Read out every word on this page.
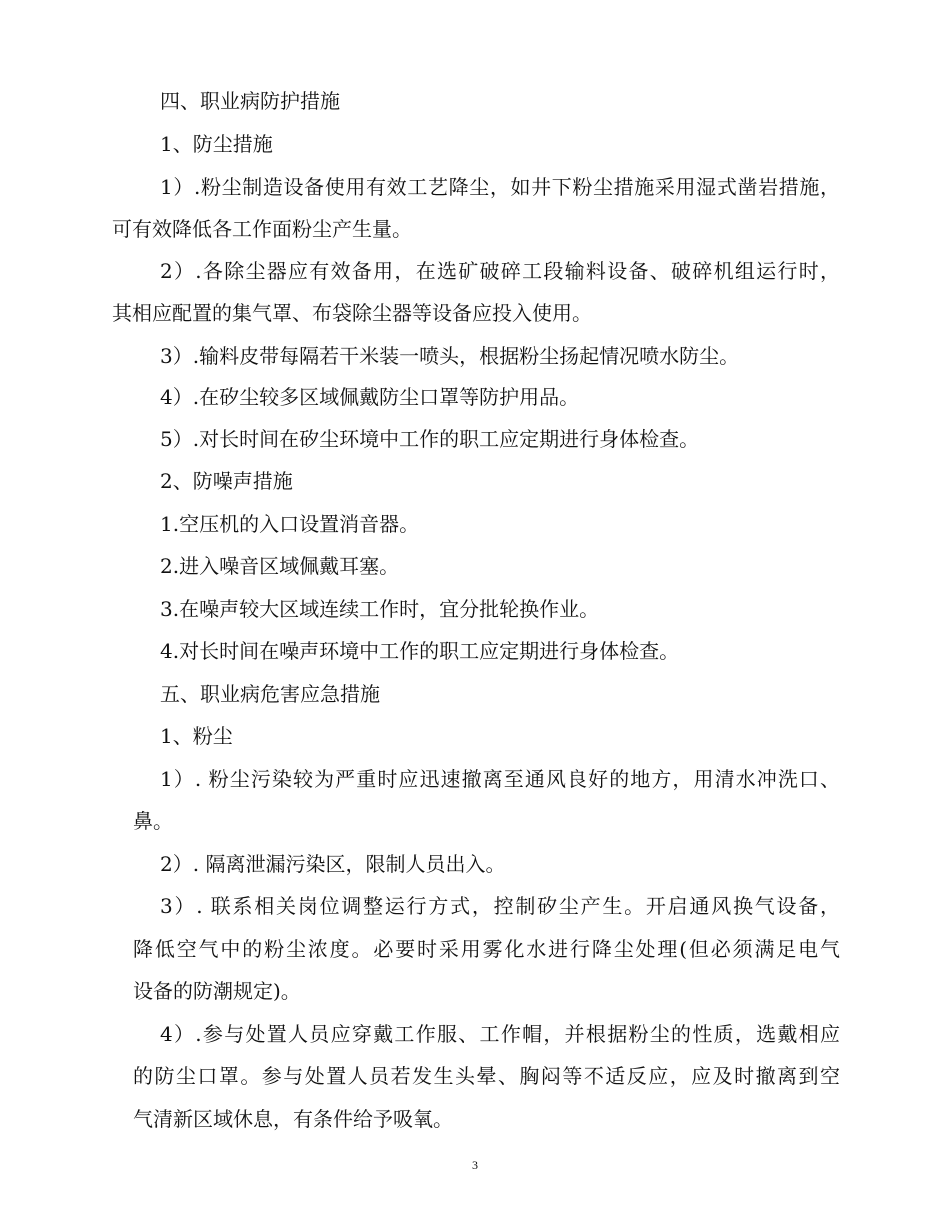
四、职业病防护措施
1、防尘措施
1）.粉尘制造设备使用有效工艺降尘，如井下粉尘措施采用湿式凿岩措施，
可有效降低各工作面粉尘产生量。
2）.各除尘器应有效备用，在选矿破碎工段输料设备、破碎机组运行时，
其相应配置的集气罩、布袋除尘器等设备应投入使用。
3）.输料皮带每隔若干米装一喷头，根据粉尘扬起情况喷水防尘。
4）.在矽尘较多区域佩戴防尘口罩等防护用品。
5）.对长时间在矽尘环境中工作的职工应定期进行身体检查。
2、防噪声措施
1.空压机的入口设置消音器。
2.进入噪音区域佩戴耳塞。
3.在噪声较大区域连续工作时，宜分批轮换作业。
4.对长时间在噪声环境中工作的职工应定期进行身体检查。
五、职业病危害应急措施
1、粉尘
1）. 粉尘污染较为严重时应迅速撤离至通风良好的地方，用清水冲洗口、
鼻。
2）. 隔离泄漏污染区，限制人员出入。
3）. 联系相关岗位调整运行方式，控制矽尘产生。开启通风换气设备，
降低空气中的粉尘浓度。必要时采用雾化水进行降尘处理(但必须满足电气
设备的防潮规定)。
4）.参与处置人员应穿戴工作服、工作帽，并根据粉尘的性质，选戴相应
的防尘口罩。参与处置人员若发生头晕、胸闷等不适反应，应及时撤离到空
气清新区域休息，有条件给予吸氧。
3
